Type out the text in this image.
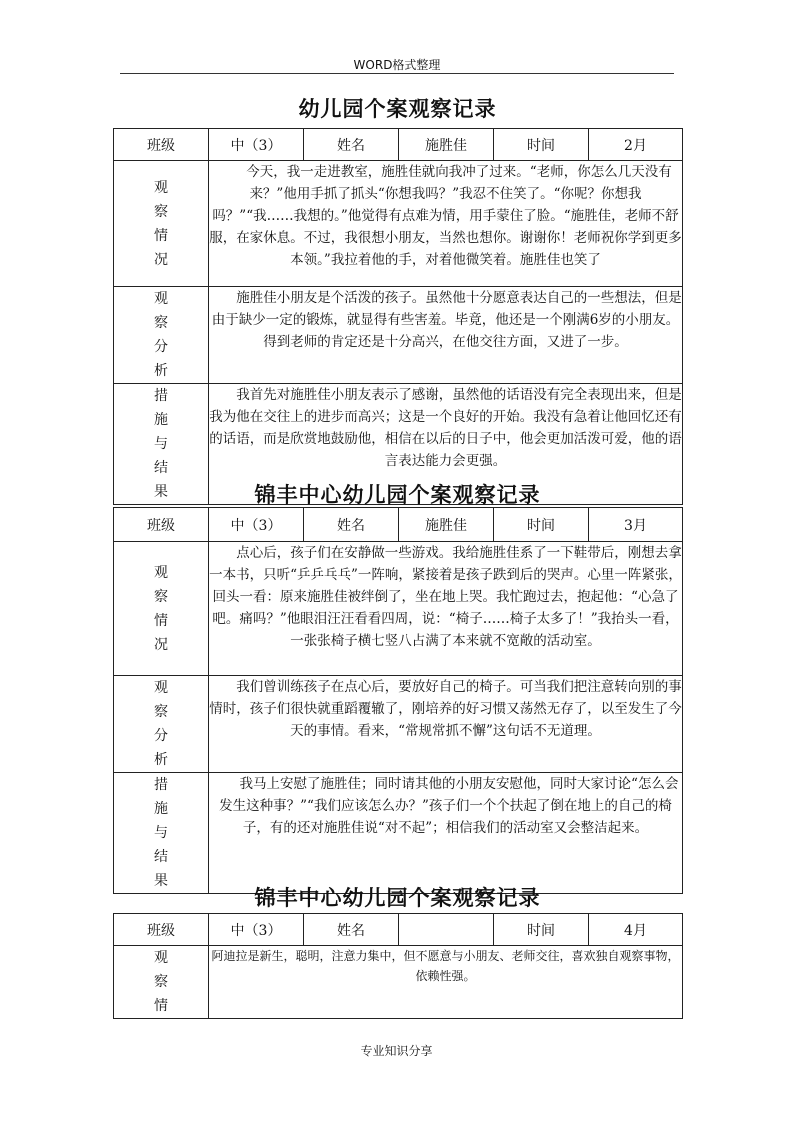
WORD格式整理
幼儿园个案观察记录
班级	中（3）	姓名	施胜佳	时间	2月
观
察
情
况	今天，我一走进教室，施胜佳就向我冲了过来。“老师，你怎么几天没有来？”他用手抓了抓头“你想我吗？”我忍不住笑了。“你呢？你想我吗？”“我……我想的。”他觉得有点难为情，用手蒙住了脸。“施胜佳，老师不舒服，在家休息。不过，我很想小朋友，当然也想你。谢谢你！老师祝你学到更多本领。”我拉着他的手，对着他微笑着。施胜佳也笑了				
观
察
分
析	施胜佳小朋友是个活泼的孩子。虽然他十分愿意表达自己的一些想法，但是由于缺少一定的锻炼，就显得有些害羞。毕竟，他还是一个刚满6岁的小朋友。得到老师的肯定还是十分高兴，在他交往方面，又进了一步。				
措
施
与
结
果	我首先对施胜佳小朋友表示了感谢，虽然他的话语没有完全表现出来，但是我为他在交往上的进步而高兴；这是一个良好的开始。我没有急着让他回忆还有的话语，而是欣赏地鼓励他，相信在以后的日子中，他会更加活泼可爱，他的语言表达能力会更强。				
锦丰中心幼儿园个案观察记录
班级	中（3）	姓名	施胜佳	时间	3月
观
察
情
况	点心后，孩子们在安静做一些游戏。我给施胜佳系了一下鞋带后，刚想去拿一本书，只听“乒乒乓乓”一阵响，紧接着是孩子跌到后的哭声。心里一阵紧张，回头一看：原来施胜佳被绊倒了，坐在地上哭。我忙跑过去，抱起他：“心急了吧。痛吗？”他眼泪汪汪看看四周，说：“椅子……椅子太多了！”我抬头一看，一张张椅子横七竖八占满了本来就不宽敞的活动室。				
观
察
分
析	我们曾训练孩子在点心后，要放好自己的椅子。可当我们把注意转向别的事情时，孩子们很快就重蹈覆辙了，刚培养的好习惯又荡然无存了，以至发生了今天的事情。看来，“常规常抓不懈”这句话不无道理。				
措
施
与
结
果	我马上安慰了施胜佳；同时请其他的小朋友安慰他，同时大家讨论“怎么会发生这种事？”“我们应该怎么办？”孩子们一个个扶起了倒在地上的自己的椅子，有的还对施胜佳说“对不起”；相信我们的活动室又会整洁起来。				
锦丰中心幼儿园个案观察记录
班级	中（3）	姓名		时间	4月
观
察
情	阿迪拉是新生，聪明，注意力集中，但不愿意与小朋友、老师交往，喜欢独自观察事物，依赖性强。				
专业知识分享
